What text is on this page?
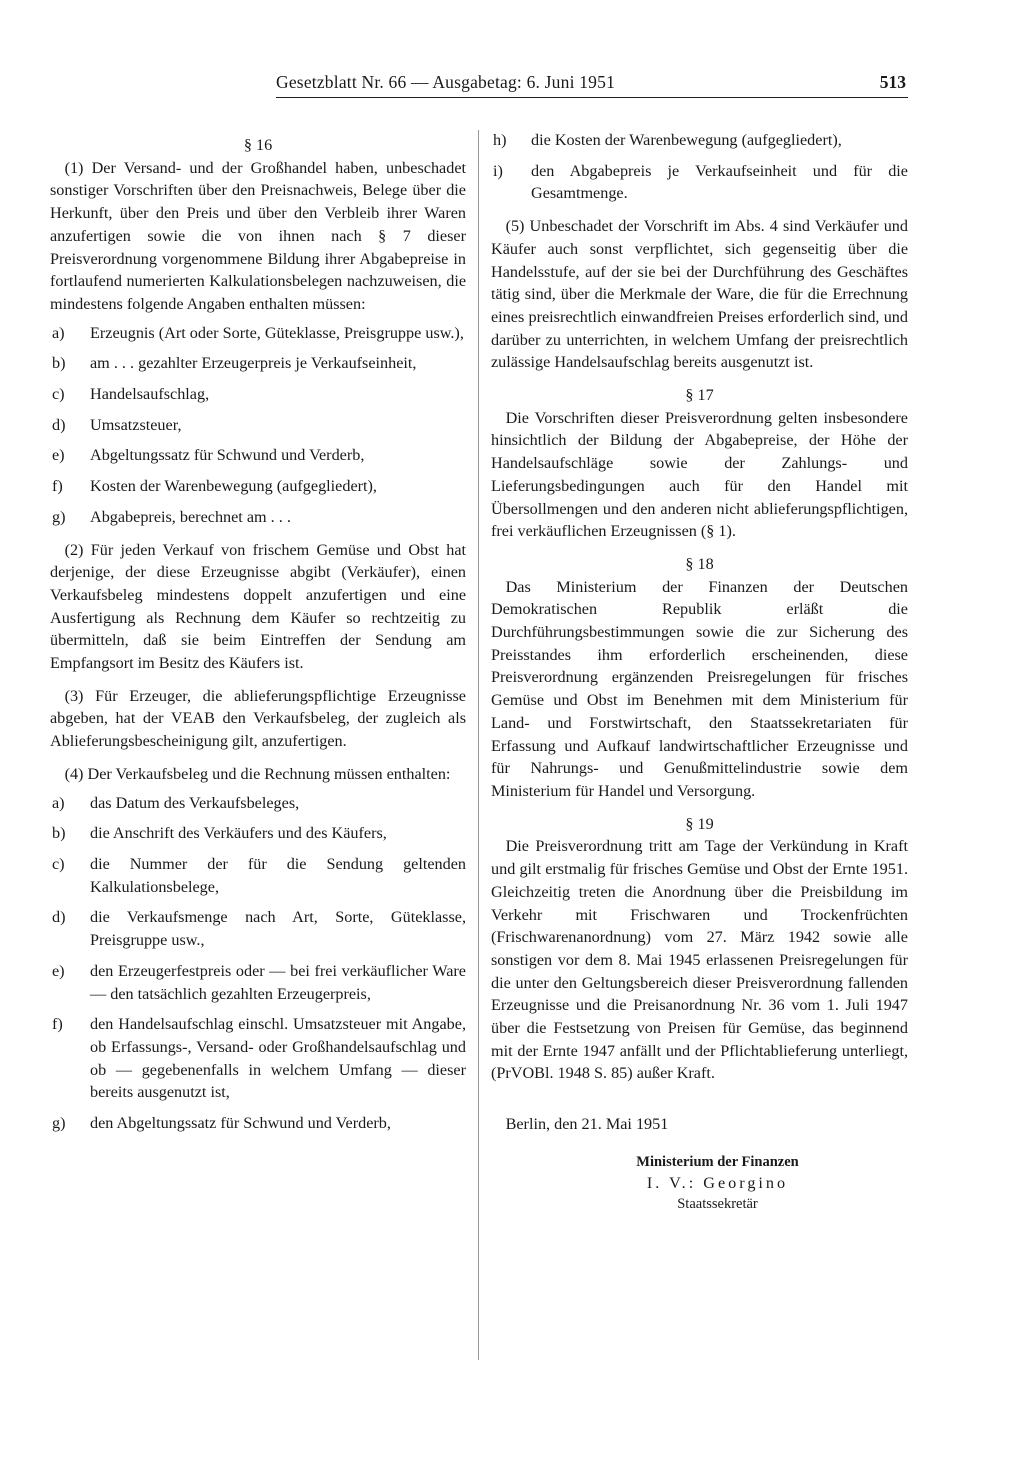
Gesetzblatt Nr. 66 — Ausgabetag: 6. Juni 1951	513
§ 16

(1) Der Versand- und der Großhandel haben, unbeschadet sonstiger Vorschriften über den Preisnachweis, Belege über die Herkunft, über den Preis und über den Verbleib ihrer Waren anzufertigen sowie die von ihnen nach § 7 dieser Preisverordnung vorgenommene Bildung ihrer Abgabepreise in fortlaufend numerierten Kalkulationsbelegen nachzuweisen, die mindestens folgende Angaben enthalten müssen:

a)	Erzeugnis (Art oder Sorte, Güteklasse, Preisgruppe usw.),
b)	am . . . gezahlter Erzeugerpreis je Verkaufseinheit,
c)	Handelsaufschlag,
d)	Umsatzsteuer,
e)	Abgeltungssatz für Schwund und Verderb,
f)	Kosten der Warenbewegung (aufgegliedert),
g)	Abgabepreis, berechnet am . . .

(2) Für jeden Verkauf von frischem Gemüse und Obst hat derjenige, der diese Erzeugnisse abgibt (Verkäufer), einen Verkaufsbeleg mindestens doppelt anzufertigen und eine Ausfertigung als Rechnung dem Käufer so rechtzeitig zu übermitteln, daß sie beim Eintreffen der Sendung am Empfangsort im Besitz des Käufers ist.

(3) Für Erzeuger, die ablieferungspflichtige Erzeugnisse abgeben, hat der VEAB den Verkaufsbeleg, der zugleich als Ablieferungsbescheinigung gilt, anzufertigen.

(4) Der Verkaufsbeleg und die Rechnung müssen enthalten:

a)	das Datum des Verkaufsbeleges,
b)	die Anschrift des Verkäufers und des Käufers,
c)	die Nummer der für die Sendung geltenden Kalkulationsbelege,
d)	die Verkaufsmenge nach Art, Sorte, Güteklasse, Preisgruppe usw.,
e)	den Erzeugerfestpreis oder — bei frei verkäuflicher Ware — den tatsächlich gezahlten Erzeugerpreis,
f)	den Handelsaufschlag einschl. Umsatzsteuer mit Angabe, ob Erfassungs-, Versand- oder Großhandelsaufschlag und ob — gegebenenfalls in welchem Umfang — dieser bereits ausgenutzt ist,
g)	den Abgeltungssatz für Schwund und Verderb,
h)	die Kosten der Warenbewegung (aufgegliedert),
i)	den Abgabepreis je Verkaufseinheit und für die Gesamtmenge.

(5) Unbeschadet der Vorschrift im Abs. 4 sind Verkäufer und Käufer auch sonst verpflichtet, sich gegenseitig über die Handelsstufe, auf der sie bei der Durchführung des Geschäftes tätig sind, über die Merkmale der Ware, die für die Errechnung eines preisrechtlich einwandfreien Preises erforderlich sind, und darüber zu unterrichten, in welchem Umfang der preisrechtlich zulässige Handelsaufschlag bereits ausgenutzt ist.

§ 17

Die Vorschriften dieser Preisverordnung gelten insbesondere hinsichtlich der Bildung der Abgabepreise, der Höhe der Handelsaufschläge sowie der Zahlungs- und Lieferungsbedingungen auch für den Handel mit Übersollmengen und den anderen nicht ablieferungspflichtigen, frei verkäuflichen Erzeugnissen (§ 1).

§ 18

Das Ministerium der Finanzen der Deutschen Demokratischen Republik erläßt die Durchführungsbestimmungen sowie die zur Sicherung des Preisstandes ihm erforderlich erscheinenden, diese Preisverordnung ergänzenden Preisregelungen für frisches Gemüse und Obst im Benehmen mit dem Ministerium für Land- und Forstwirtschaft, den Staatssekretariaten für Erfassung und Aufkauf landwirtschaftlicher Erzeugnisse und für Nahrungs- und Genußmittelindustrie sowie dem Ministerium für Handel und Versorgung.

§ 19

Die Preisverordnung tritt am Tage der Verkündung in Kraft und gilt erstmalig für frisches Gemüse und Obst der Ernte 1951. Gleichzeitig treten die Anordnung über die Preisbildung im Verkehr mit Frischwaren und Trockenfrüchten (Frischwarenanordnung) vom 27. März 1942 sowie alle sonstigen vor dem 8. Mai 1945 erlassenen Preisregelungen für die unter den Geltungsbereich dieser Preisverordnung fallenden Erzeugnisse und die Preisanordnung Nr. 36 vom 1. Juli 1947 über die Festsetzung von Preisen für Gemüse, das beginnend mit der Ernte 1947 anfällt und der Pflichtablieferung unterliegt, (PrVOBl. 1948 S. 85) außer Kraft.

Berlin, den 21. Mai 1951

Ministerium der Finanzen
I. V.: Georgino
Staatssekretär
